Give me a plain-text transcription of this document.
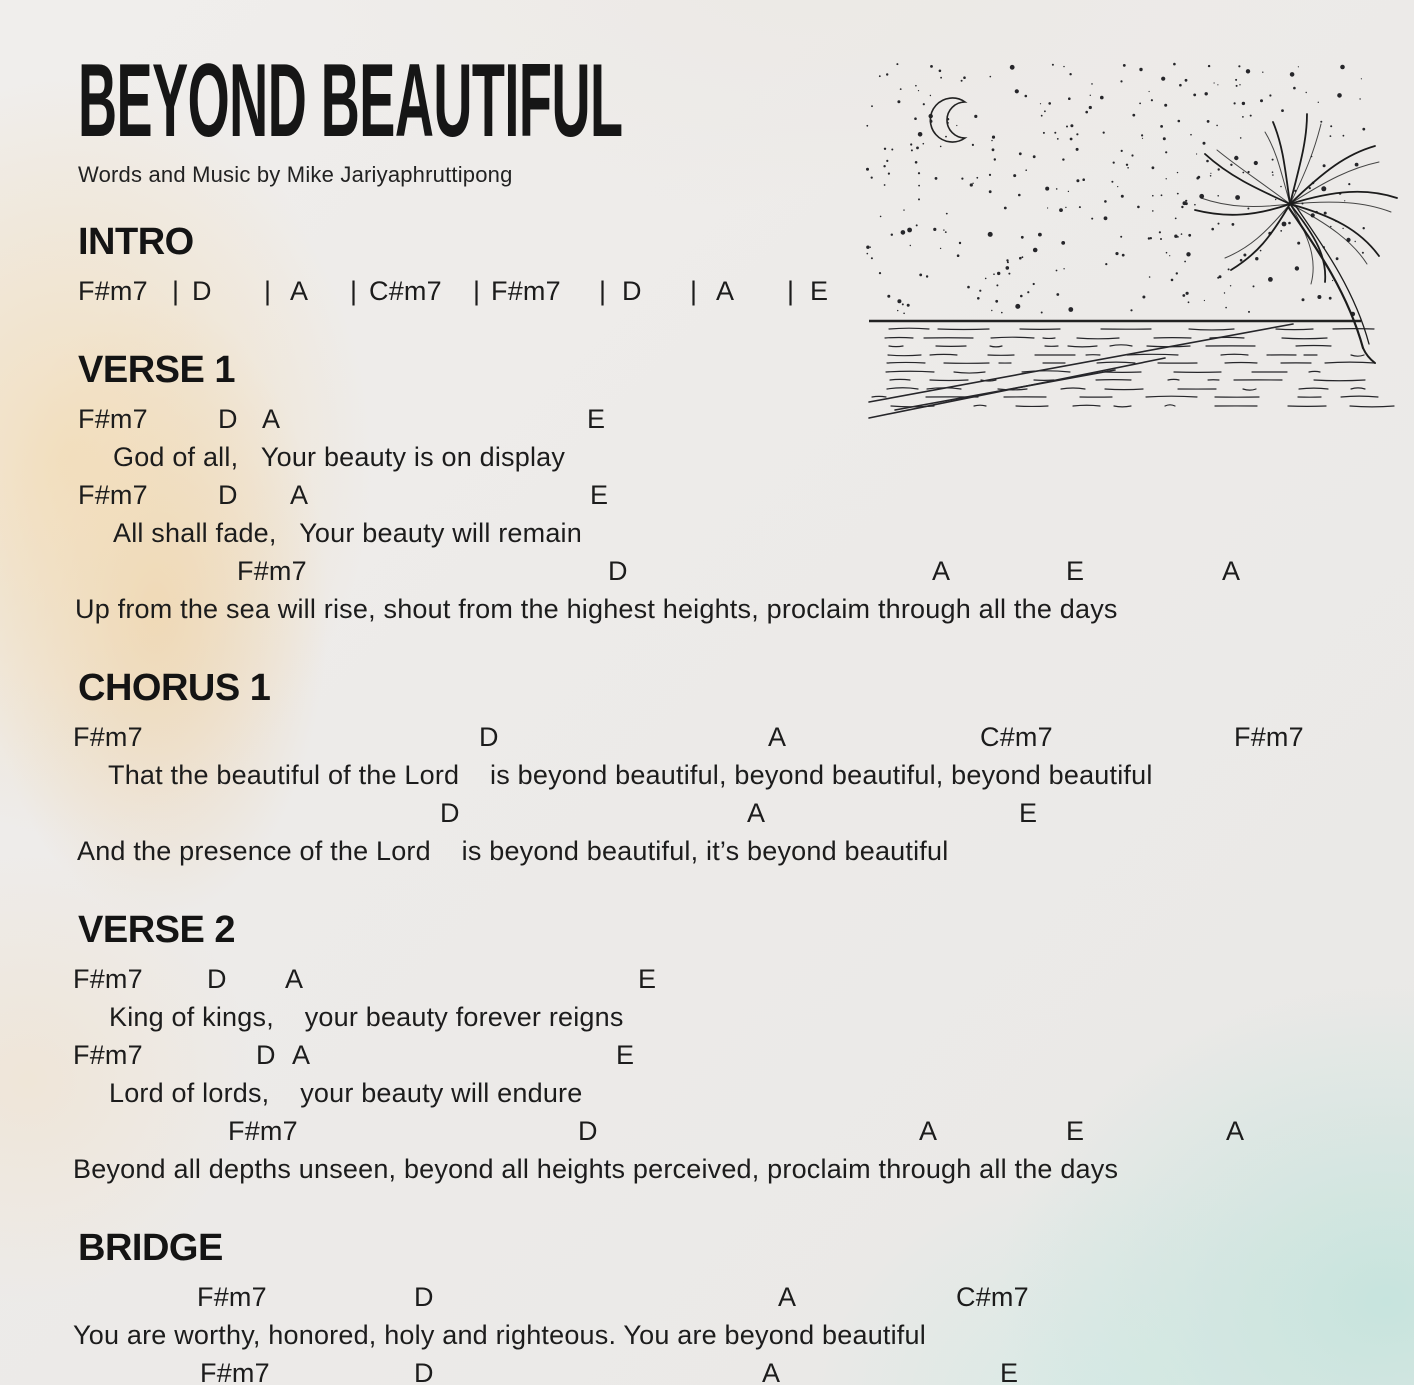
BEYOND BEAUTIFUL

Words and Music by Mike Jariyaphruttipong

INTRO
F#m7 | D | A | C#m7 | F#m7 | D | A | E
VERSE 1
F#m7	D A	E
God of all,   Your beauty is on display
F#m7	D A	E
All shall fade,   Your beauty will remain
F#m7	D	A	E	A
Up from the sea will rise, shout from the highest heights, proclaim through all the days
CHORUS 1
F#m7	D	A	C#m7	F#m7
That the beautiful of the Lord    is beyond beautiful, beyond beautiful, beyond beautiful
D	A	E
And the presence of the Lord    is beyond beautiful, it’s beyond beautiful
VERSE 2
F#m7 D A	E
King of kings,    your beauty forever reigns
F#m7	D A	E
Lord of lords,    your beauty will endure
F#m7	D	A	E	A
Beyond all depths unseen, beyond all heights perceived, proclaim through all the days
BRIDGE
F#m7	D	A	C#m7
You are worthy, honored, holy and righteous. You are beyond beautiful
F#m7	D	A	E
